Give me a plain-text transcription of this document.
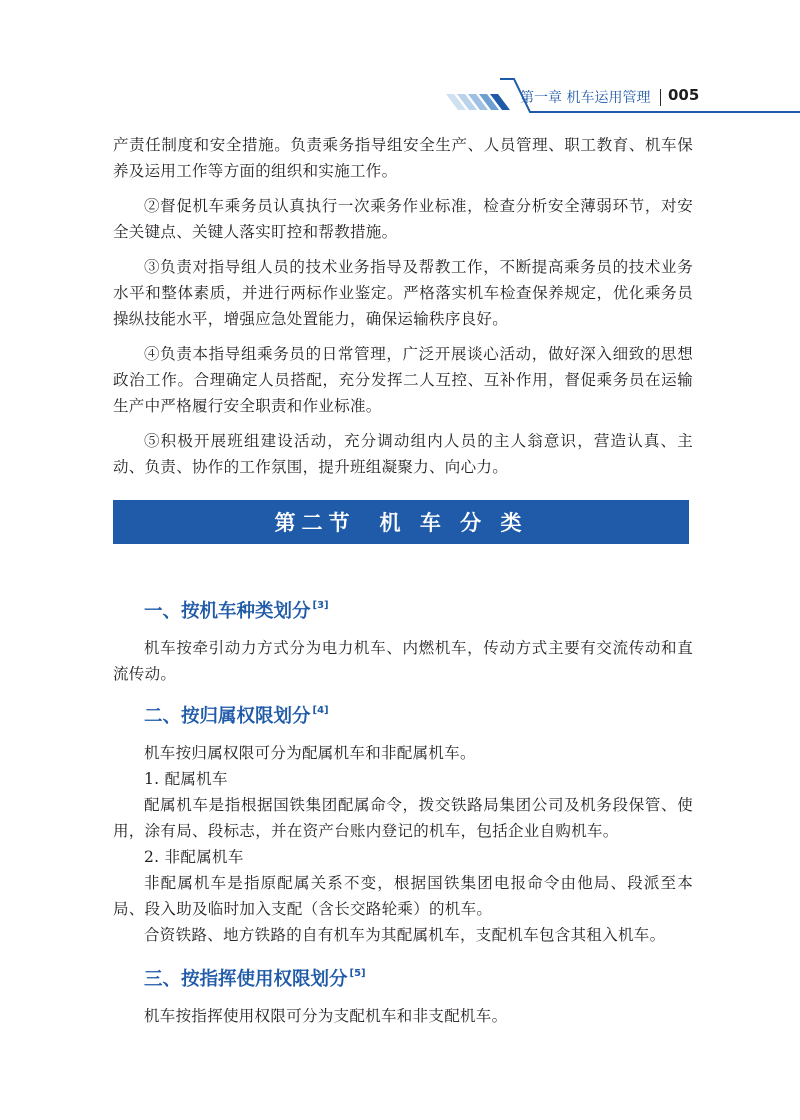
第一章 机车运用管理 005

产责任制度和安全措施。负责乘务指导组安全生产、人员管理、职工教育、机车保养及运用工作等方面的组织和实施工作。

②督促机车乘务员认真执行一次乘务作业标准，检查分析安全薄弱环节，对安全关键点、关键人落实盯控和帮教措施。

③负责对指导组人员的技术业务指导及帮教工作，不断提高乘务员的技术业务水平和整体素质，并进行两标作业鉴定。严格落实机车检查保养规定，优化乘务员操纵技能水平，增强应急处置能力，确保运输秩序良好。

④负责本指导组乘务员的日常管理，广泛开展谈心活动，做好深入细致的思想政治工作。合理确定人员搭配，充分发挥二人互控、互补作用，督促乘务员在运输生产中严格履行安全职责和作业标准。

⑤积极开展班组建设活动，充分调动组内人员的主人翁意识，营造认真、主动、负责、协作的工作氛围，提升班组凝聚力、向心力。

第二节 机 车 分 类
一、按机车种类划分 [3]

机车按牵引动力方式分为电力机车、内燃机车，传动方式主要有交流传动和直流传动。

二、按归属权限划分 [4]

机车按归属权限可分为配属机车和非配属机车。

1. 配属机车

配属机车是指根据国铁集团配属命令，拨交铁路局集团公司及机务段保管、使用，涂有局、段标志，并在资产台账内登记的机车，包括企业自购机车。

2. 非配属机车

非配属机车是指原配属关系不变，根据国铁集团电报命令由他局、段派至本局、段入助及临时加入支配（含长交路轮乘）的机车。

合资铁路、地方铁路的自有机车为其配属机车，支配机车包含其租入机车。

三、按指挥使用权限划分 [5]

机车按指挥使用权限可分为支配机车和非支配机车。
